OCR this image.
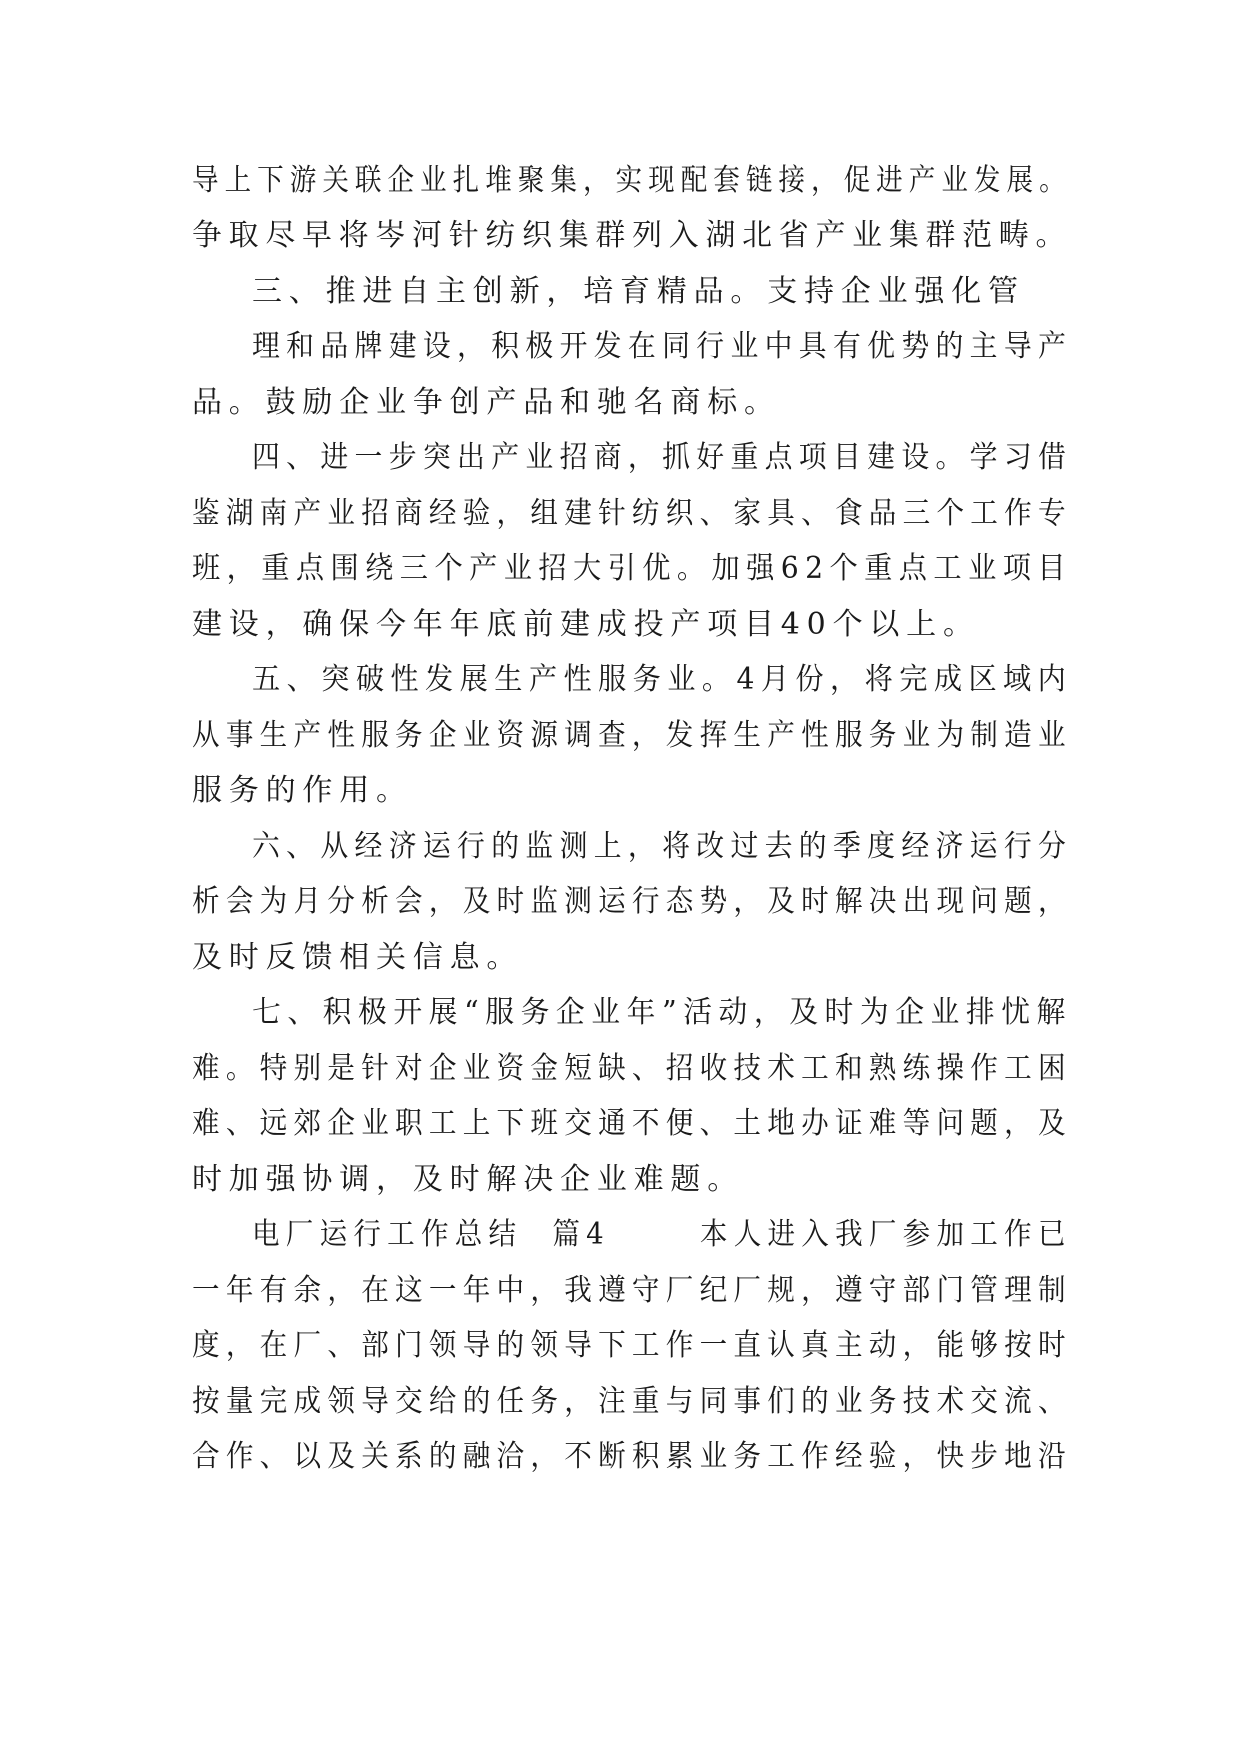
导上下游关联企业扎堆聚集，实现配套链接，促进产业发展。
争取尽早将岑河针纺织集群列入湖北省产业集群范畴。
三、推进自主创新，培育精品。支持企业强化管
理和品牌建设，积极开发在同行业中具有优势的主导产
品。鼓励企业争创产品和驰名商标。
四、进一步突出产业招商，抓好重点项目建设。学习借
鉴湖南产业招商经验，组建针纺织、家具、食品三个工作专
班，重点围绕三个产业招大引优。加强62个重点工业项目
建设，确保今年年底前建成投产项目40个以上。
五、突破性发展生产性服务业。4月份，将完成区域内
从事生产性服务企业资源调查，发挥生产性服务业为制造业
服务的作用。
六、从经济运行的监测上，将改过去的季度经济运行分
析会为月分析会，及时监测运行态势，及时解决出现问题，
及时反馈相关信息。
七、积极开展“服务企业年”活动，及时为企业排忧解
难。特别是针对企业资金短缺、招收技术工和熟练操作工困
难、远郊企业职工上下班交通不便、土地办证难等问题，及
时加强协调，及时解决企业难题。
电厂运行工作总结  篇4      本人进入我厂参加工作已
一年有余，在这一年中，我遵守厂纪厂规，遵守部门管理制
度，在厂、部门领导的领导下工作一直认真主动，能够按时
按量完成领导交给的任务，注重与同事们的业务技术交流、
合作、以及关系的融洽，不断积累业务工作经验，快步地沿
